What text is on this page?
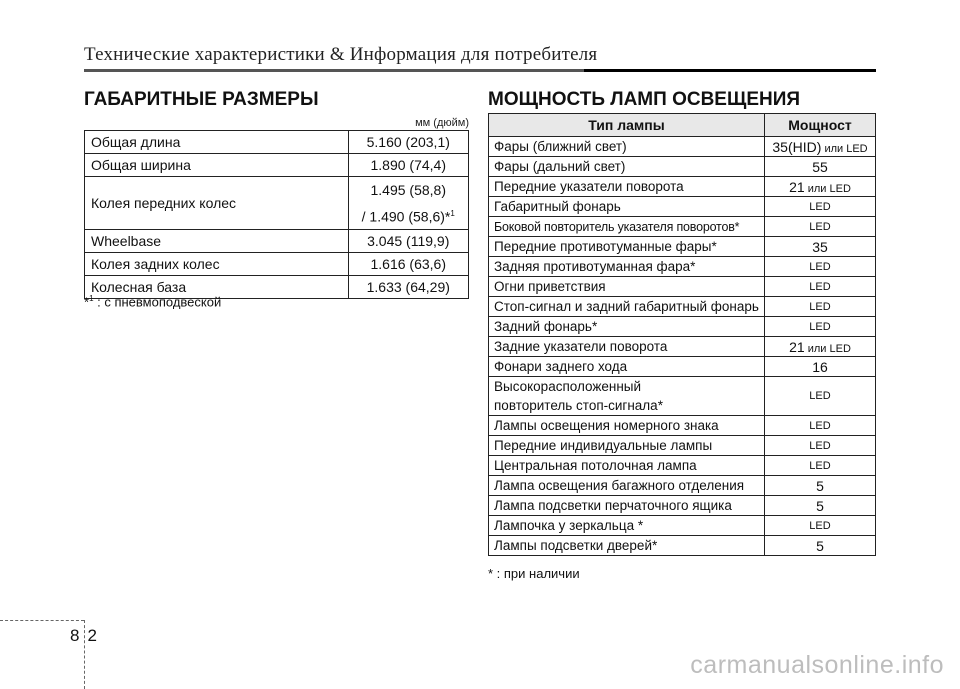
Технические характеристики & Информация для потребителя
ГАБАРИТНЫЕ РАЗМЕРЫ
мм (дюйм)
Общая длина	5.160 (203,1)
Общая ширина	1.890 (74,4)
Колея передних колес	1.495 (58,8)
/ 1.490 (58,6)*$^1$

Wheelbase	3.045 (119,9)
Колея задних колес	1.616 (63,6)
Колесная база	1.633 (64,29)
*$^1$ : с пневмоподвеской
МОЩНОСТЬ ЛАМП ОСВЕЩЕНИЯ
Тип лампы	Мощност
Фары (ближний свет)	35(HID) или LED
Фары (дальний свет)	55
Передние указатели поворота	21 или LED
Габаритный фонарь	LED
Боковой повторитель указателя поворотов*	LED
Передние противотуманные фары*	35
Задняя противотуманная фара*	LED
Огни приветствия	LED
Стоп-сигнал и задний габаритный фонарь	LED
Задний фонарь*	LED
Задние указатели поворота	21 или LED
Фонари заднего хода	16

Высокорасположенный
повторитель стоп-сигнала*	LED
Лампы освещения номерного знака	LED
Передние индивидуальные лампы	LED
Центральная потолочная лампа	LED
Лампа освещения багажного отделения	5
Лампа подсветки перчаточного ящика	5
Лампочка у зеркальца *	LED
Лампы подсветки дверей*	5
* : при наличии
82
carmanualsonline.info
